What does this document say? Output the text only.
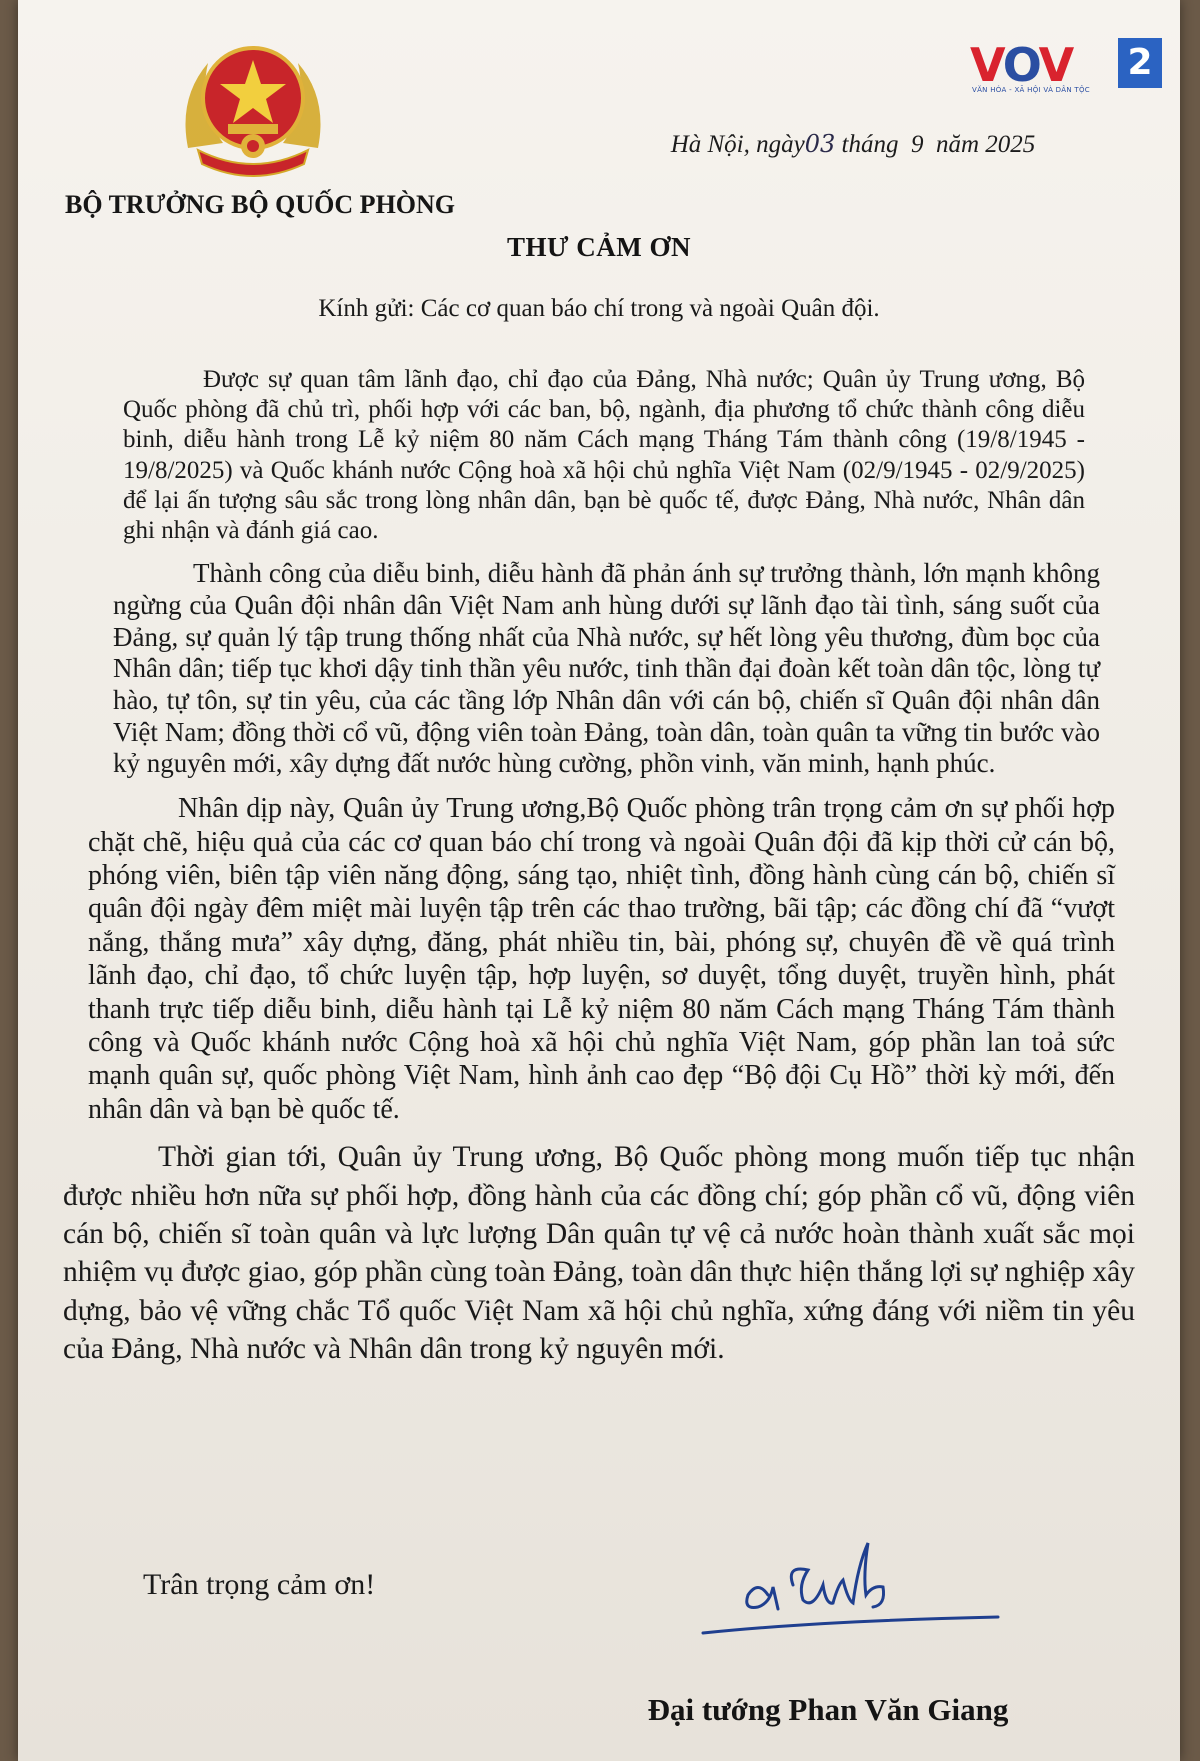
BỘ TRƯỞNG BỘ QUỐC PHÒNG
Hà Nội, ngày03 tháng 9 năm 2025
VOV 2
VĂN HÓA - XÃ HỘI VÀ DÂN TỘC
THƯ CẢM ƠN
Kính gửi: Các cơ quan báo chí trong và ngoài Quân đội.

Được sự quan tâm lãnh đạo, chỉ đạo của Đảng, Nhà nước; Quân ủy Trung ương, Bộ Quốc phòng đã chủ trì, phối hợp với các ban, bộ, ngành, địa phương tổ chức thành công diễu binh, diễu hành trong Lễ kỷ niệm 80 năm Cách mạng Tháng Tám thành công (19/8/1945 - 19/8/2025) và Quốc khánh nước Cộng hoà xã hội chủ nghĩa Việt Nam (02/9/1945 - 02/9/2025) để lại ấn tượng sâu sắc trong lòng nhân dân, bạn bè quốc tế, được Đảng, Nhà nước, Nhân dân ghi nhận và đánh giá cao.

Thành công của diễu binh, diễu hành đã phản ánh sự trưởng thành, lớn mạnh không ngừng của Quân đội nhân dân Việt Nam anh hùng dưới sự lãnh đạo tài tình, sáng suốt của Đảng, sự quản lý tập trung thống nhất của Nhà nước, sự hết lòng yêu thương, đùm bọc của Nhân dân; tiếp tục khơi dậy tinh thần yêu nước, tinh thần đại đoàn kết toàn dân tộc, lòng tự hào, tự tôn, sự tin yêu, của các tầng lớp Nhân dân với cán bộ, chiến sĩ Quân đội nhân dân Việt Nam; đồng thời cổ vũ, động viên toàn Đảng, toàn dân, toàn quân ta vững tin bước vào kỷ nguyên mới, xây dựng đất nước hùng cường, phồn vinh, văn minh, hạnh phúc.

Nhân dịp này, Quân ủy Trung ương,Bộ Quốc phòng trân trọng cảm ơn sự phối hợp chặt chẽ, hiệu quả của các cơ quan báo chí trong và ngoài Quân đội đã kịp thời cử cán bộ, phóng viên, biên tập viên năng động, sáng tạo, nhiệt tình, đồng hành cùng cán bộ, chiến sĩ quân đội ngày đêm miệt mài luyện tập trên các thao trường, bãi tập; các đồng chí đã “vượt nắng, thắng mưa” xây dựng, đăng, phát nhiều tin, bài, phóng sự, chuyên đề về quá trình lãnh đạo, chỉ đạo, tổ chức luyện tập, hợp luyện, sơ duyệt, tổng duyệt, truyền hình, phát thanh trực tiếp diễu binh, diễu hành tại Lễ kỷ niệm 80 năm Cách mạng Tháng Tám thành công và Quốc khánh nước Cộng hoà xã hội chủ nghĩa Việt Nam, góp phần lan toả sức mạnh quân sự, quốc phòng Việt Nam, hình ảnh cao đẹp “Bộ đội Cụ Hồ” thời kỳ mới, đến nhân dân và bạn bè quốc tế.

Thời gian tới, Quân ủy Trung ương, Bộ Quốc phòng mong muốn tiếp tục nhận được nhiều hơn nữa sự phối hợp, đồng hành của các đồng chí; góp phần cổ vũ, động viên cán bộ, chiến sĩ toàn quân và lực lượng Dân quân tự vệ cả nước hoàn thành xuất sắc mọi nhiệm vụ được giao, góp phần cùng toàn Đảng, toàn dân thực hiện thắng lợi sự nghiệp xây dựng, bảo vệ vững chắc Tổ quốc Việt Nam xã hội chủ nghĩa, xứng đáng với niềm tin yêu của Đảng, Nhà nước và Nhân dân trong kỷ nguyên mới.

Trân trọng cảm ơn!
Đại tướng Phan Văn Giang
